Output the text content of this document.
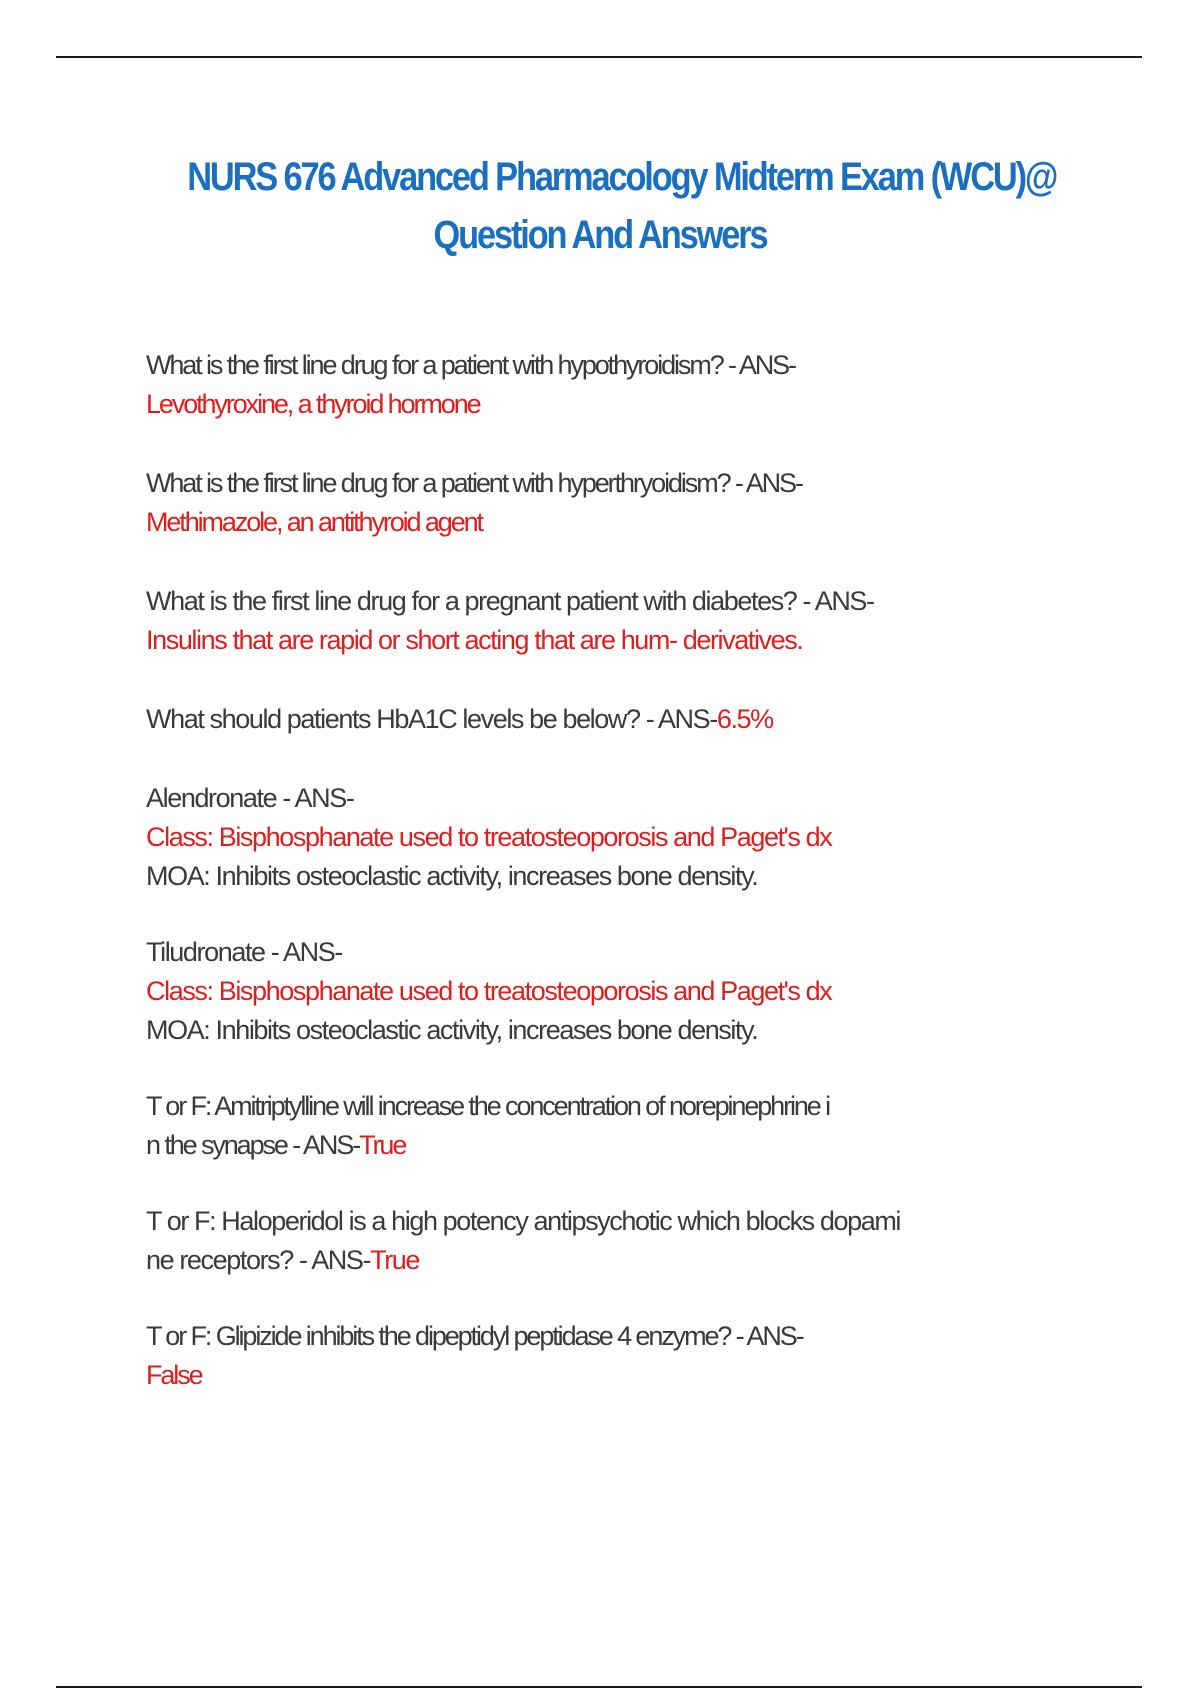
NURS 676 Advanced Pharmacology Midterm Exam (WCU)@
Question And Answers

What is the first line drug for a patient with hypothyroidism? - ANS-
Levothyroxine, a thyroid hormone

What is the first line drug for a patient with hyperthryoidism? - ANS-
Methimazole, an antithyroid agent

What is the first line drug for a pregnant patient with diabetes? - ANS-
Insulins that are rapid or short acting that are hum- derivatives.

What should patients HbA1C levels be below? - ANS-6.5%

Alendronate - ANS-
Class: Bisphosphanate used to treatosteoporosis and Paget's dx
MOA: Inhibits osteoclastic activity, increases bone density.

Tiludronate - ANS-
Class: Bisphosphanate used to treatosteoporosis and Paget's dx
MOA: Inhibits osteoclastic activity, increases bone density.

T or F: Amitriptylline will increase the concentration of norepinephrine i
n the synapse - ANS-True

T or F: Haloperidol is a high potency antipsychotic which blocks dopami
ne receptors? - ANS-True

T or F: Glipizide inhibits the dipeptidyl peptidase 4 enzyme? - ANS-
False
